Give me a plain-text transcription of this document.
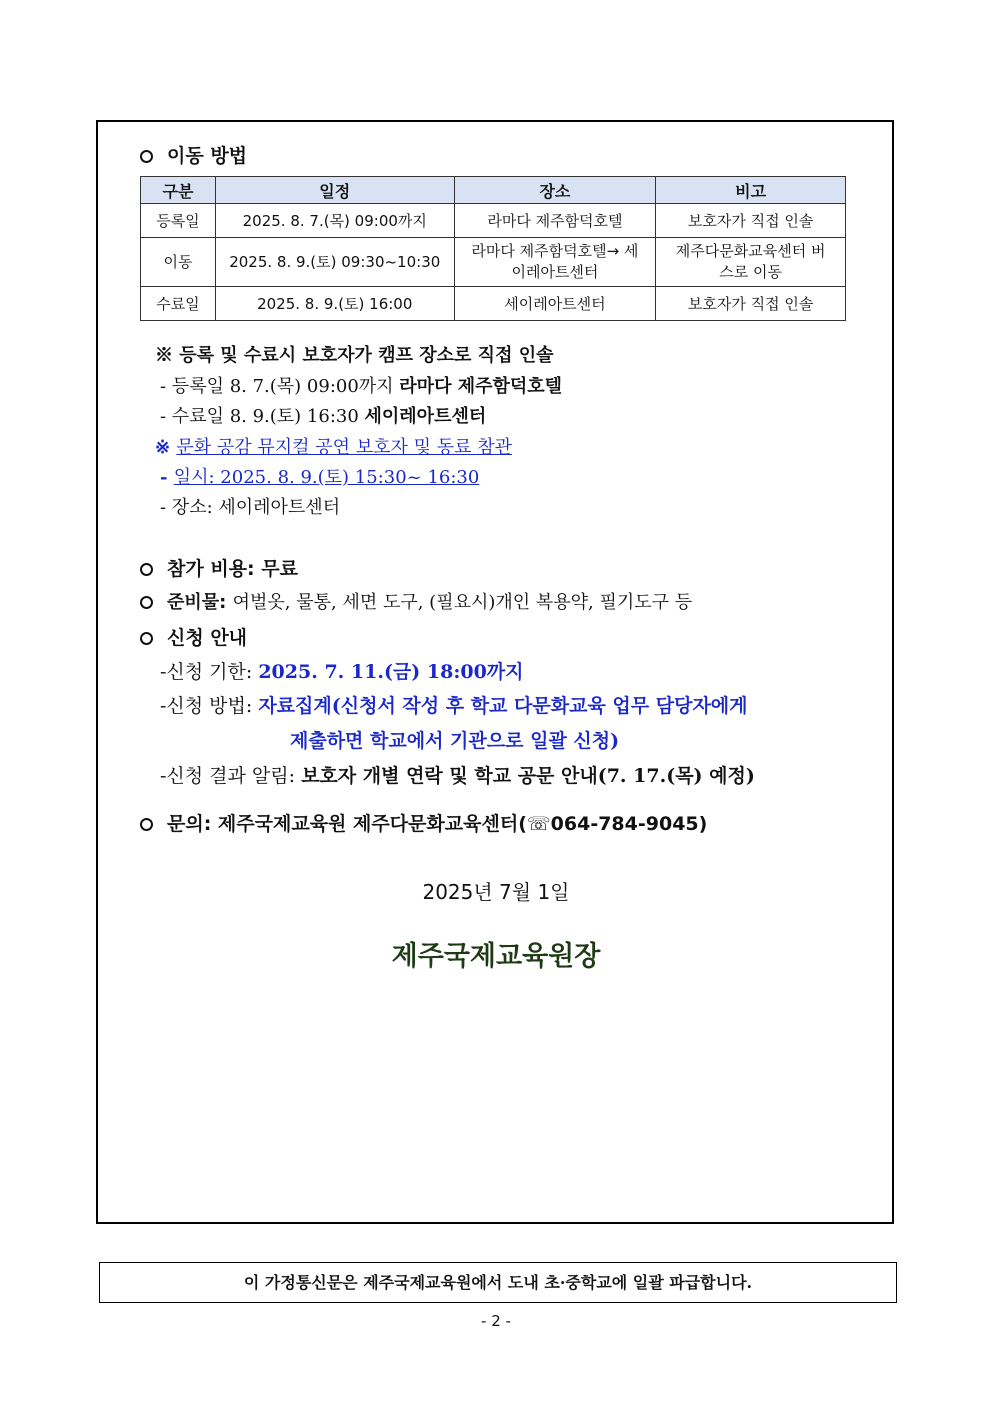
이동 방법
구분	일정	장소	비고
등록일	2025. 8. 7.(목) 09:00까지	라마다 제주함덕호텔	보호자가 직접 인솔
이동	2025. 8. 9.(토) 09:30~10:30	라마다 제주함덕호텔→ 세이레아트센터	제주다문화교육센터 버스로 이동
수료일	2025. 8. 9.(토) 16:00	세이레아트센터	보호자가 직접 인솔
※ 등록 및 수료시 보호자가 캠프 장소로 직접 인솔
- 등록일 8. 7.(목) 09:00까지 라마다 제주함덕호텔
- 수료일 8. 9.(토) 16:30 세이레아트센터
※ 문화 공감 뮤지컬 공연 보호자 및 동료 참관
- 일시: 2025. 8. 9.(토) 15:30~ 16:30
- 장소: 세이레아트센터
참가 비용: 무료
준비물: 여벌옷, 물통, 세면 도구, (필요시)개인 복용약, 필기도구 등
신청 안내
-신청 기한: 2025. 7. 11.(금) 18:00까지
-신청 방법: 자료집계(신청서 작성 후 학교 다문화교육 업무 담당자에게
제출하면 학교에서 기관으로 일괄 신청)
-신청 결과 알림: 보호자 개별 연락 및 학교 공문 안내(7. 17.(목) 예정)
문의: 제주국제교육원 제주다문화교육센터(☏064-784-9045)
2025년 7월 1일
제주국제교육원장
이 가정통신문은 제주국제교육원에서 도내 초·중학교에 일괄 파급합니다.
- 2 -
